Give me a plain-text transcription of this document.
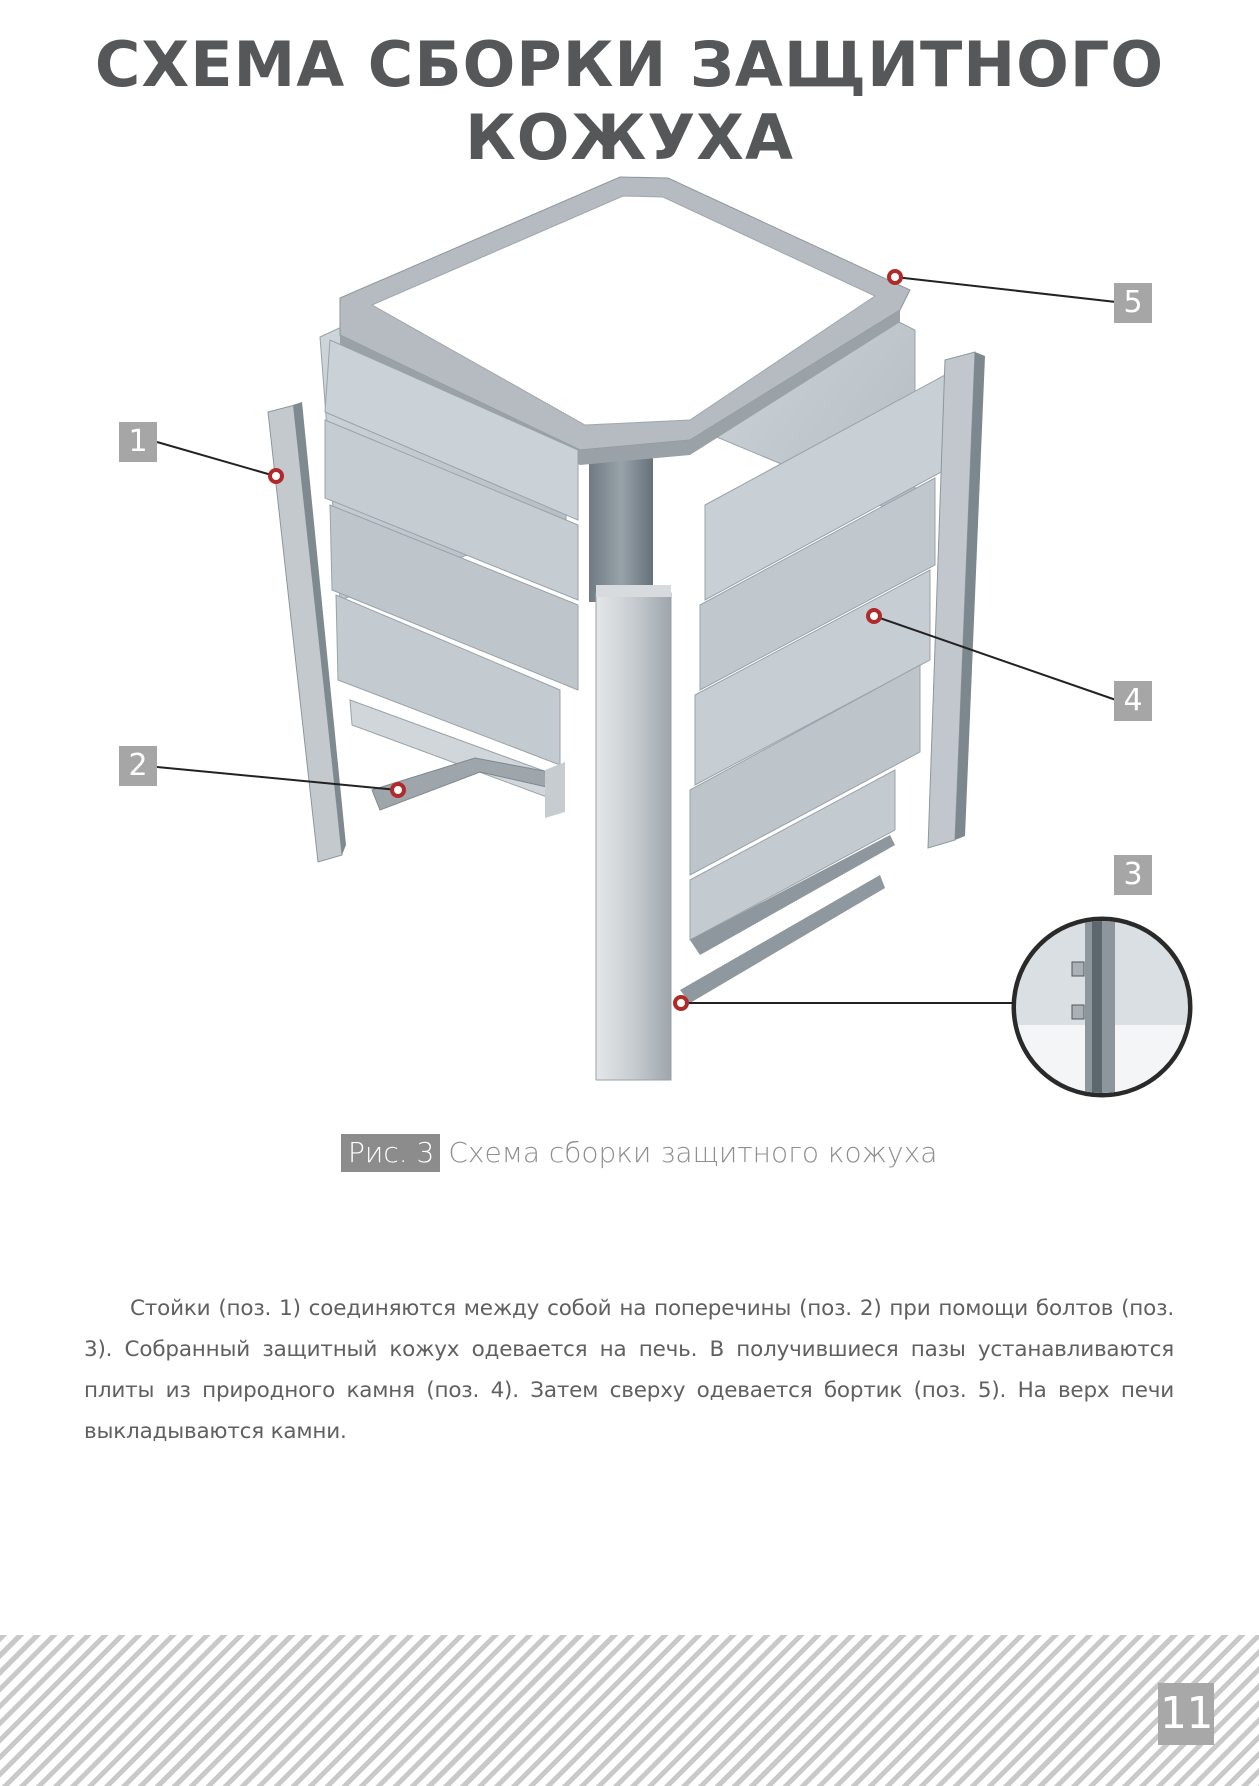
СХЕМА СБОРКИ ЗАЩИТНОГО КОЖУХА
1
2
3
4
5
Рис. 3 Схема сборки защитного кожуха
Стойки (поз. 1) соединяются между собой на поперечины (поз. 2) при помощи болтов (поз. 3). Собранный защитный кожух одевается на печь. В получившиеся пазы устанавливаются плиты из природного камня (поз. 4). Затем сверху одевается бортик (поз. 5). На верх печи выкладываются камни.
11
